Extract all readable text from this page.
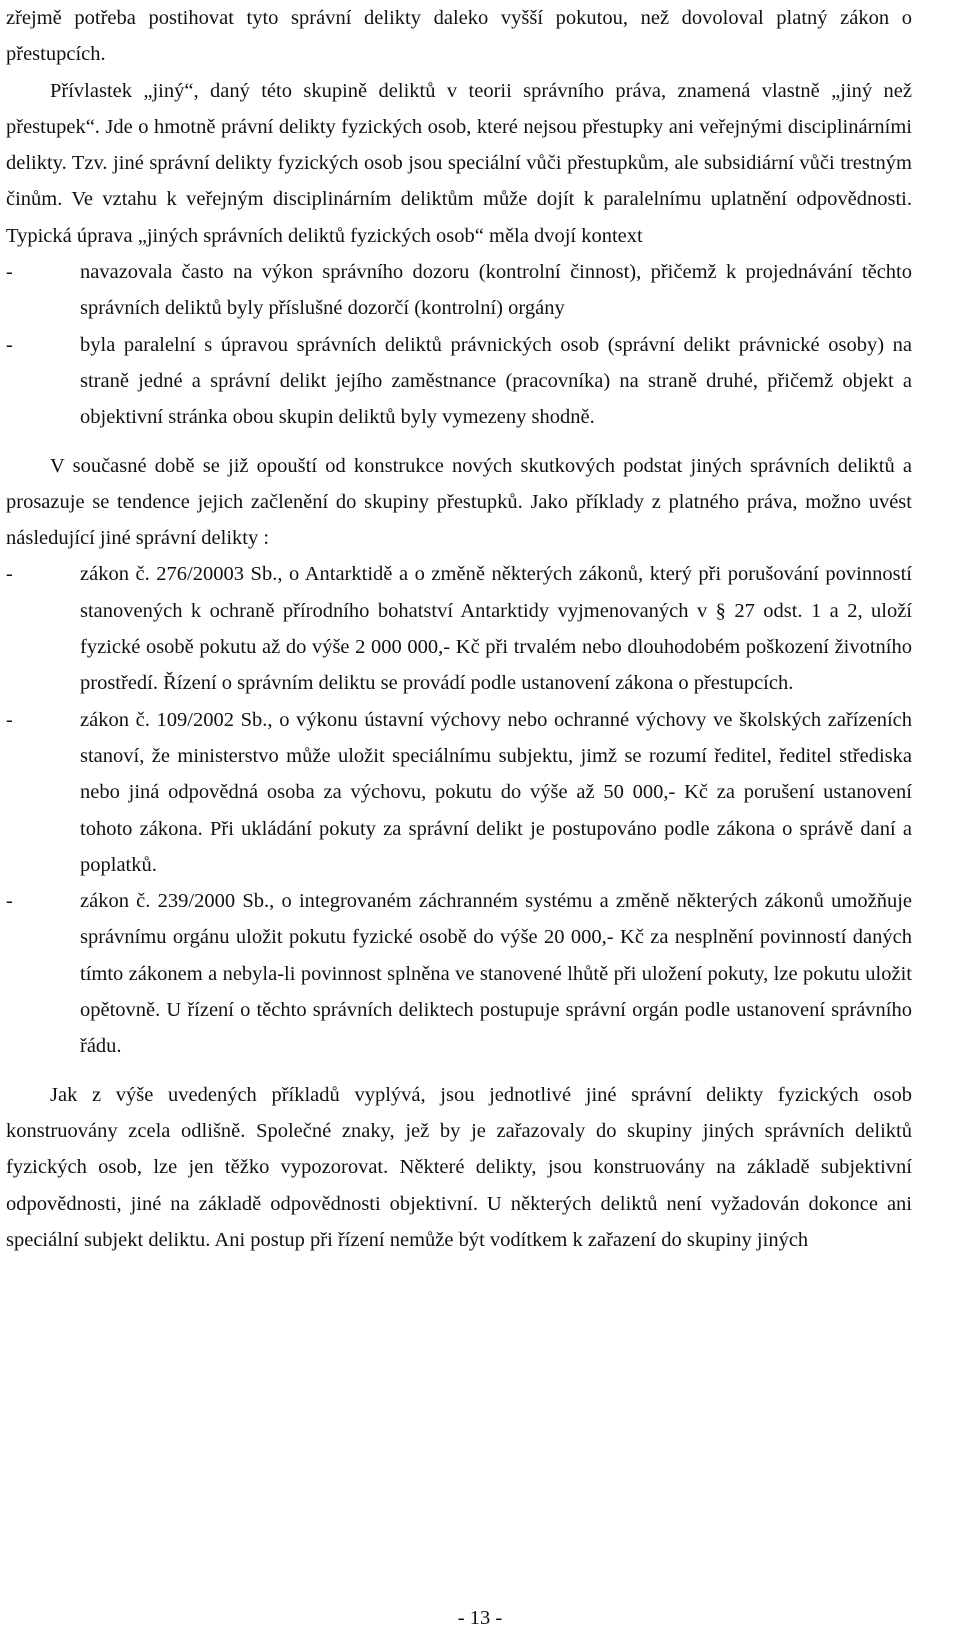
zřejmě potřeba postihovat tyto správní delikty daleko vyšší pokutou, než dovoloval platný zákon o přestupcích.

Přívlastek „jiný“, daný této skupině deliktů v teorii správního práva, znamená vlastně „jiný než přestupek“. Jde o hmotně právní delikty fyzických osob, které nejsou přestupky ani veřejnými disciplinárními delikty. Tzv. jiné správní delikty fyzických osob jsou speciální vůči přestupkům, ale subsidiární vůči trestným činům. Ve vztahu k veřejným disciplinárním deliktům může dojít k paralelnímu uplatnění odpovědnosti. Typická úprava „jiných správních deliktů fyzických osob“ měla dvojí kontext

-	navazovala často na výkon správního dozoru (kontrolní činnost), přičemž k projednávání těchto správních deliktů byly příslušné dozorčí (kontrolní) orgány
-	byla paralelní s úpravou správních deliktů právnických osob (správní delikt právnické osoby) na straně jedné a správní delikt jejího zaměstnance (pracovníka) na straně druhé, přičemž objekt a objektivní stránka obou skupin deliktů byly vymezeny shodně.

V současné době se již opouští od konstrukce nových skutkových podstat jiných správních deliktů a prosazuje se tendence jejich začlenění do skupiny přestupků. Jako příklady z platného práva, možno uvést následující jiné správní delikty :

-	zákon č. 276/20003 Sb., o Antarktidě a o změně některých zákonů, který při porušování povinností stanovených k ochraně přírodního bohatství Antarktidy vyjmenovaných v § 27 odst. 1 a 2, uloží fyzické osobě pokutu až do výše 2 000 000,- Kč při trvalém nebo dlouhodobém poškození životního prostředí. Řízení o správním deliktu se provádí podle ustanovení zákona o přestupcích.
-	zákon č. 109/2002 Sb., o výkonu ústavní výchovy nebo ochranné výchovy ve školských zařízeních stanoví, že ministerstvo může uložit speciálnímu subjektu, jimž se rozumí ředitel, ředitel střediska nebo jiná odpovědná osoba za výchovu, pokutu do výše až 50 000,- Kč za porušení ustanovení tohoto zákona. Při ukládání pokuty za správní delikt je postupováno podle zákona o správě daní a poplatků.
-	zákon č. 239/2000 Sb., o integrovaném záchranném systému a změně některých zákonů umožňuje správnímu orgánu uložit pokutu fyzické osobě do výše 20 000,- Kč za nesplnění povinností daných tímto zákonem a nebyla-li povinnost splněna ve stanovené lhůtě při uložení pokuty, lze pokutu uložit opětovně. U řízení o těchto správních deliktech postupuje správní orgán podle ustanovení správního řádu.

Jak z výše uvedených příkladů vyplývá, jsou jednotlivé jiné správní delikty fyzických osob konstruovány zcela odlišně. Společné znaky, jež by je zařazovaly do skupiny jiných správních deliktů fyzických osob, lze jen těžko vypozorovat. Některé delikty, jsou konstruovány na základě subjektivní odpovědnosti, jiné na základě odpovědnosti objektivní. U některých deliktů není vyžadován dokonce ani speciální subjekt deliktu. Ani postup při řízení nemůže být vodítkem k zařazení do skupiny jiných

- 13 -
